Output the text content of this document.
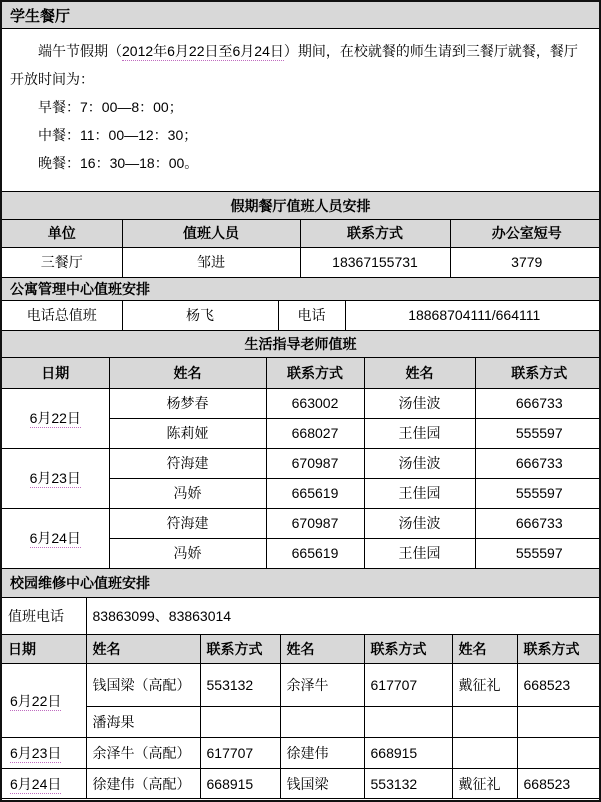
学生餐厅
端午节假期（2012年6月22日至6月24日）期间，在校就餐的师生请到三餐厅就餐，餐厅开放时间为：
早餐：7：00—8：00；
中餐：11：00—12：30；
晚餐：16：30—18：00。
假期餐厅值班人员安排
单位	值班人员	联系方式	办公室短号
三餐厅	邹进	18367155731	3779
公寓管理中心值班安排
电话总值班	杨飞	电话	18868704111/664111
生活指导老师值班
日期	姓名	联系方式	姓名	联系方式
6月22日	杨梦春	663002	汤佳波	666733
	陈莉娅	668027	王佳园	555597
6月23日	符海建	670987	汤佳波	666733
	冯娇	665619	王佳园	555597
6月24日	符海建	670987	汤佳波	666733
	冯娇	665619	王佳园	555597
校园维修中心值班安排
值班电话	83863099、83863014					
日期	姓名	联系方式	姓名	联系方式	姓名	联系方式
6月22日	钱国梁（高配）	553132	余泽牛	617707	戴征礼	668523
	潘海果					
6月23日	余泽牛（高配）	617707	徐建伟	668915		
6月24日	徐建伟（高配）	668915	钱国梁	553132	戴征礼	668523
